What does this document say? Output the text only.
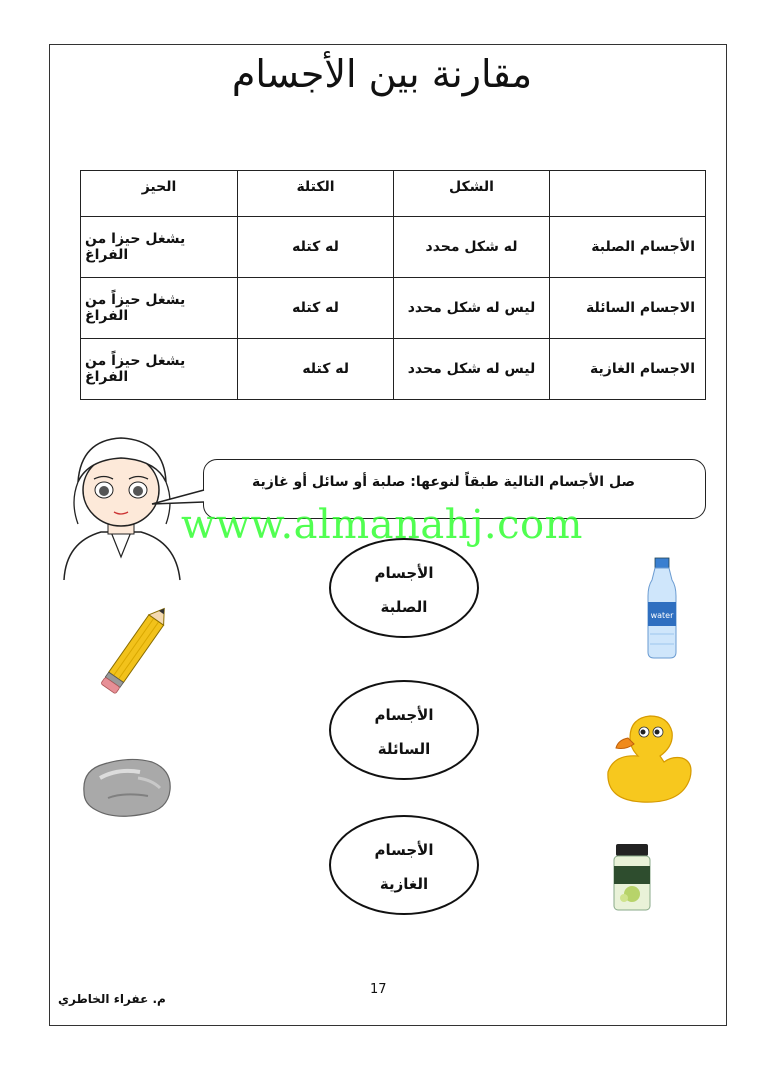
مقارنة بين الأجسام
	الشكل	الكتلة	الحيز
الأجسام الصلبة	له شكل محدد	له كتله	يشغل حيزا من الفراغ
الاجسام السائلة	ليس له شكل محدد	له كتله	يشغل حيزاً من الفراغ
الاجسام الغازية	ليس له شكل محدد	له كتله	يشغل حيزاً من الفراغ
صل الأجسام التالية طبقاً لنوعها: صلبة أو سائل أو غازية
www.almanahj.com
الأجسام
الصلبة
الأجسام
السائلة
الأجسام
الغازية
water
17
م. عفراء الخاطري
